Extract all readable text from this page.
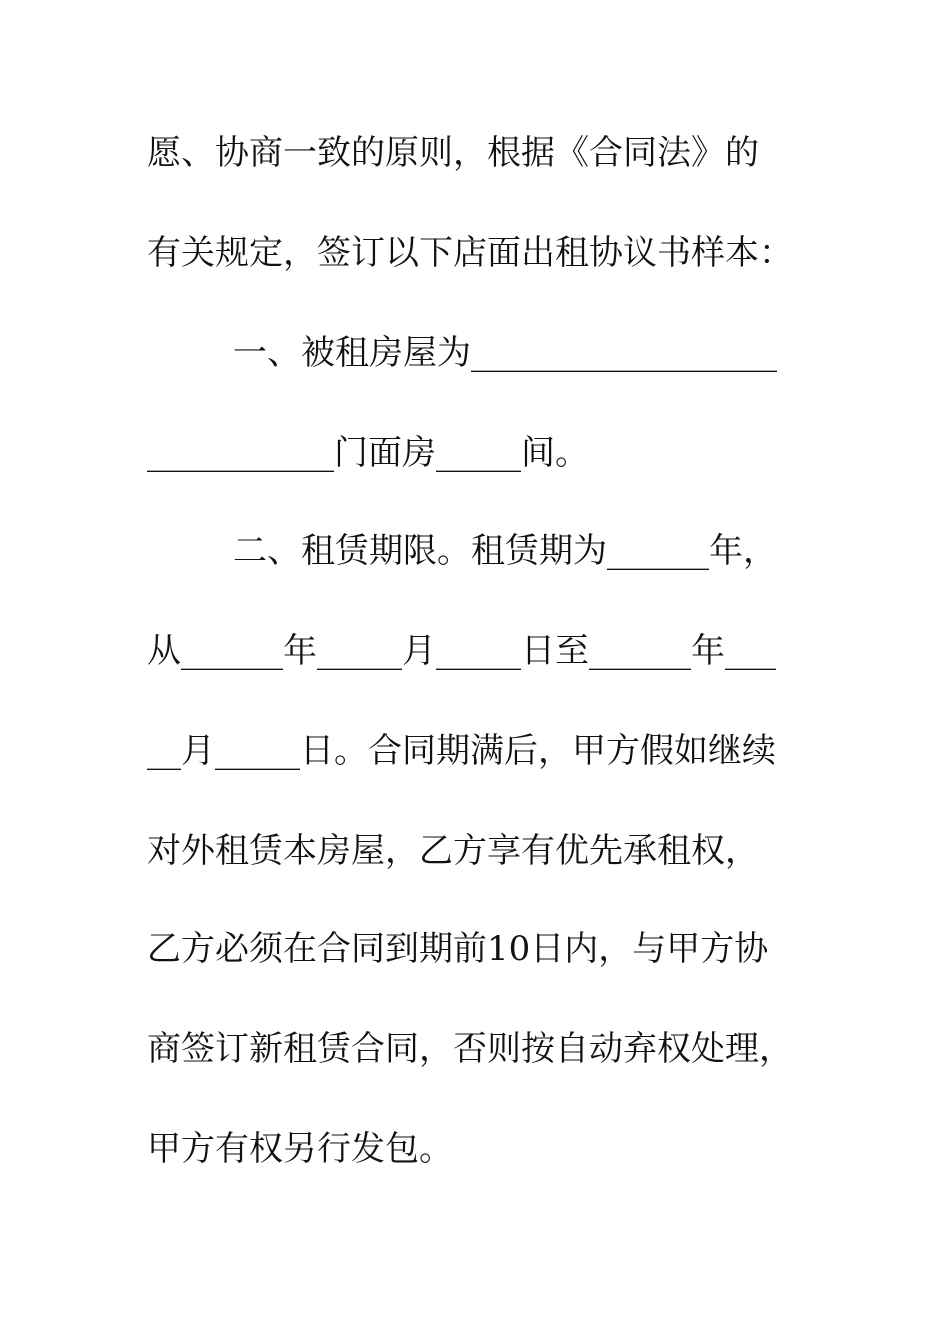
愿、协商一致的原则，根据《合同法》的
有关规定，签订以下店面出租协议书样本：
一、被租房屋为__________________
___________门面房_____间。
二、租赁期限。租赁期为______年，
从______年_____月_____日至______年___
__月_____日。合同期满后，甲方假如继续
对外租赁本房屋，乙方享有优先承租权，
乙方必须在合同到期前10日内，与甲方协
商签订新租赁合同，否则按自动弃权处理，
甲方有权另行发包。
